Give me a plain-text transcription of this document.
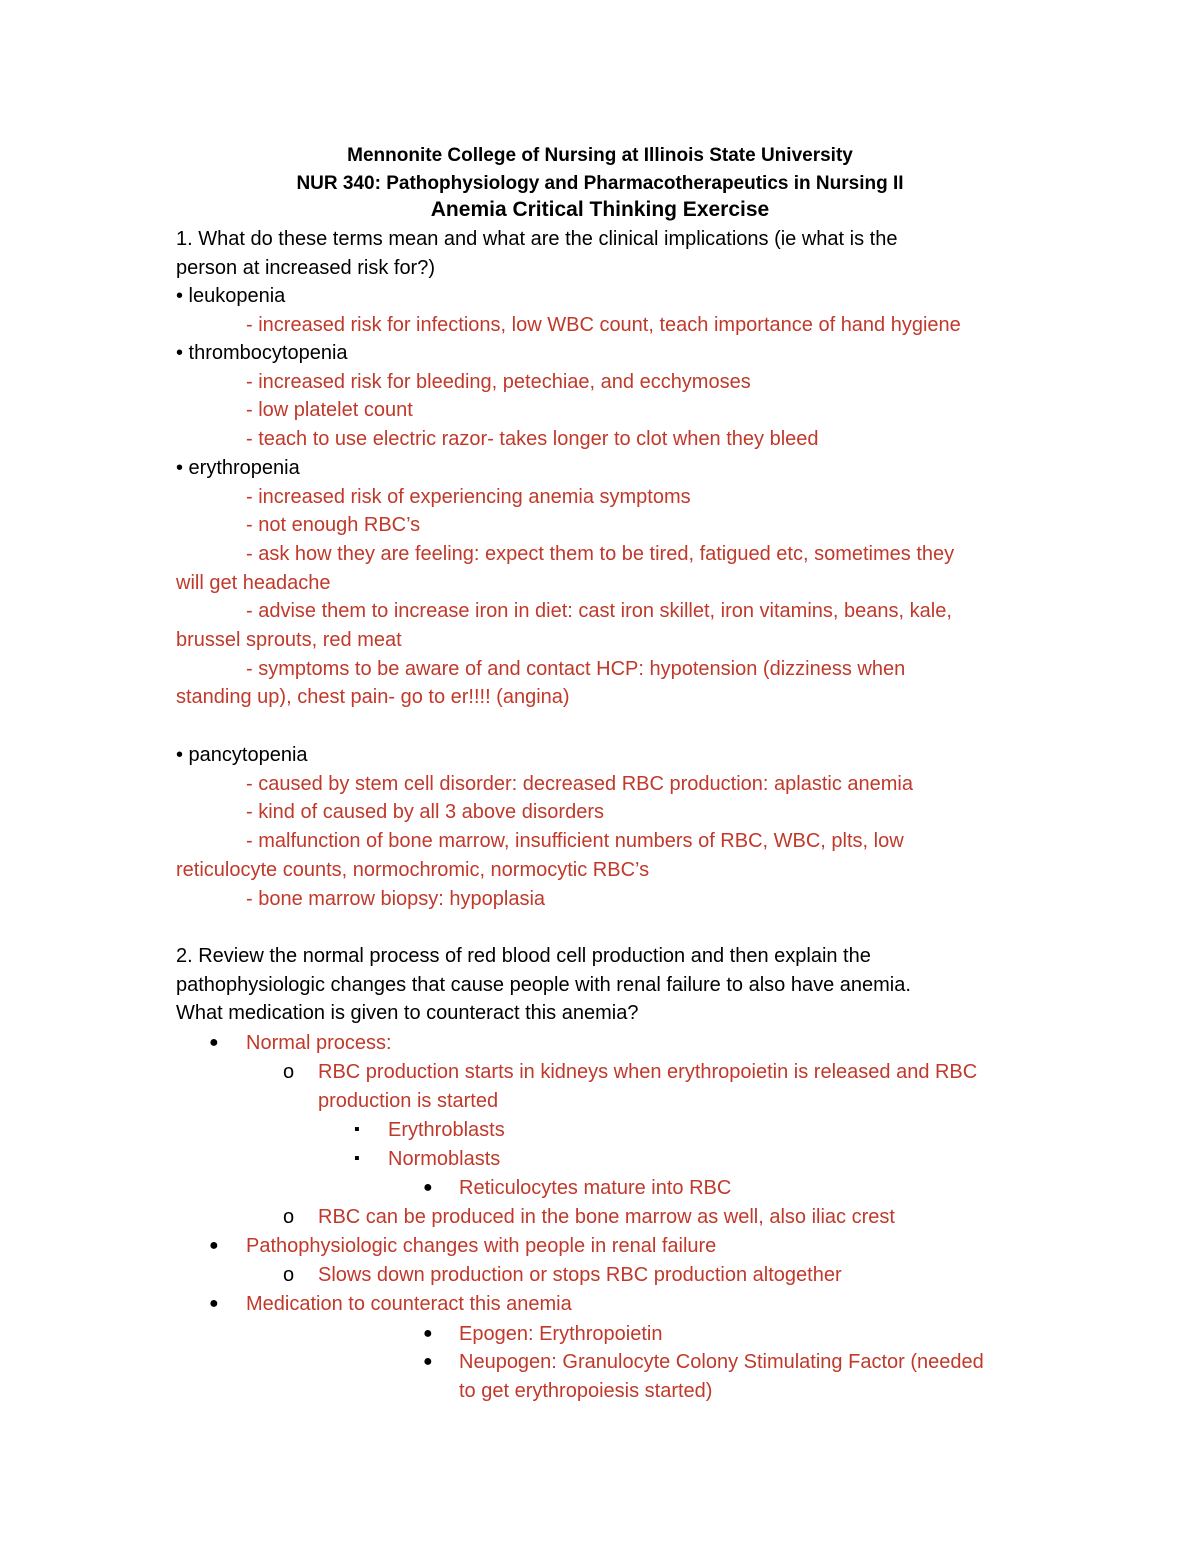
Mennonite College of Nursing at Illinois State University
NUR 340: Pathophysiology and Pharmacotherapeutics in Nursing II
Anemia Critical Thinking Exercise
1. What do these terms mean and what are the clinical implications (ie what is the
person at increased risk for?)
• leukopenia
- increased risk for infections, low WBC count, teach importance of hand hygiene
• thrombocytopenia
- increased risk for bleeding, petechiae, and ecchymoses
- low platelet count
- teach to use electric razor- takes longer to clot when they bleed
• erythropenia
- increased risk of experiencing anemia symptoms
- not enough RBC’s
- ask how they are feeling: expect them to be tired, fatigued etc, sometimes they
will get headache
- advise them to increase iron in diet: cast iron skillet, iron vitamins, beans, kale,
brussel sprouts, red meat
- symptoms to be aware of and contact HCP: hypotension (dizziness when
standing up), chest pain- go to er!!!! (angina)
• pancytopenia
- caused by stem cell disorder: decreased RBC production: aplastic anemia
- kind of caused by all 3 above disorders
- malfunction of bone marrow, insufficient numbers of RBC, WBC, plts, low
reticulocyte counts, normochromic, normocytic RBC’s
- bone marrow biopsy: hypoplasia
2. Review the normal process of red blood cell production and then explain the
pathophysiologic changes that cause people with renal failure to also have anemia.
What medication is given to counteract this anemia?
● Normal process:
o RBC production starts in kidneys when erythropoietin is released and RBC
production is started
▪ Erythroblasts
▪ Normoblasts
● Reticulocytes mature into RBC
o RBC can be produced in the bone marrow as well, also iliac crest
● Pathophysiologic changes with people in renal failure
o Slows down production or stops RBC production altogether
● Medication to counteract this anemia
● Epogen: Erythropoietin
● Neupogen: Granulocyte Colony Stimulating Factor (needed
to get erythropoiesis started)
